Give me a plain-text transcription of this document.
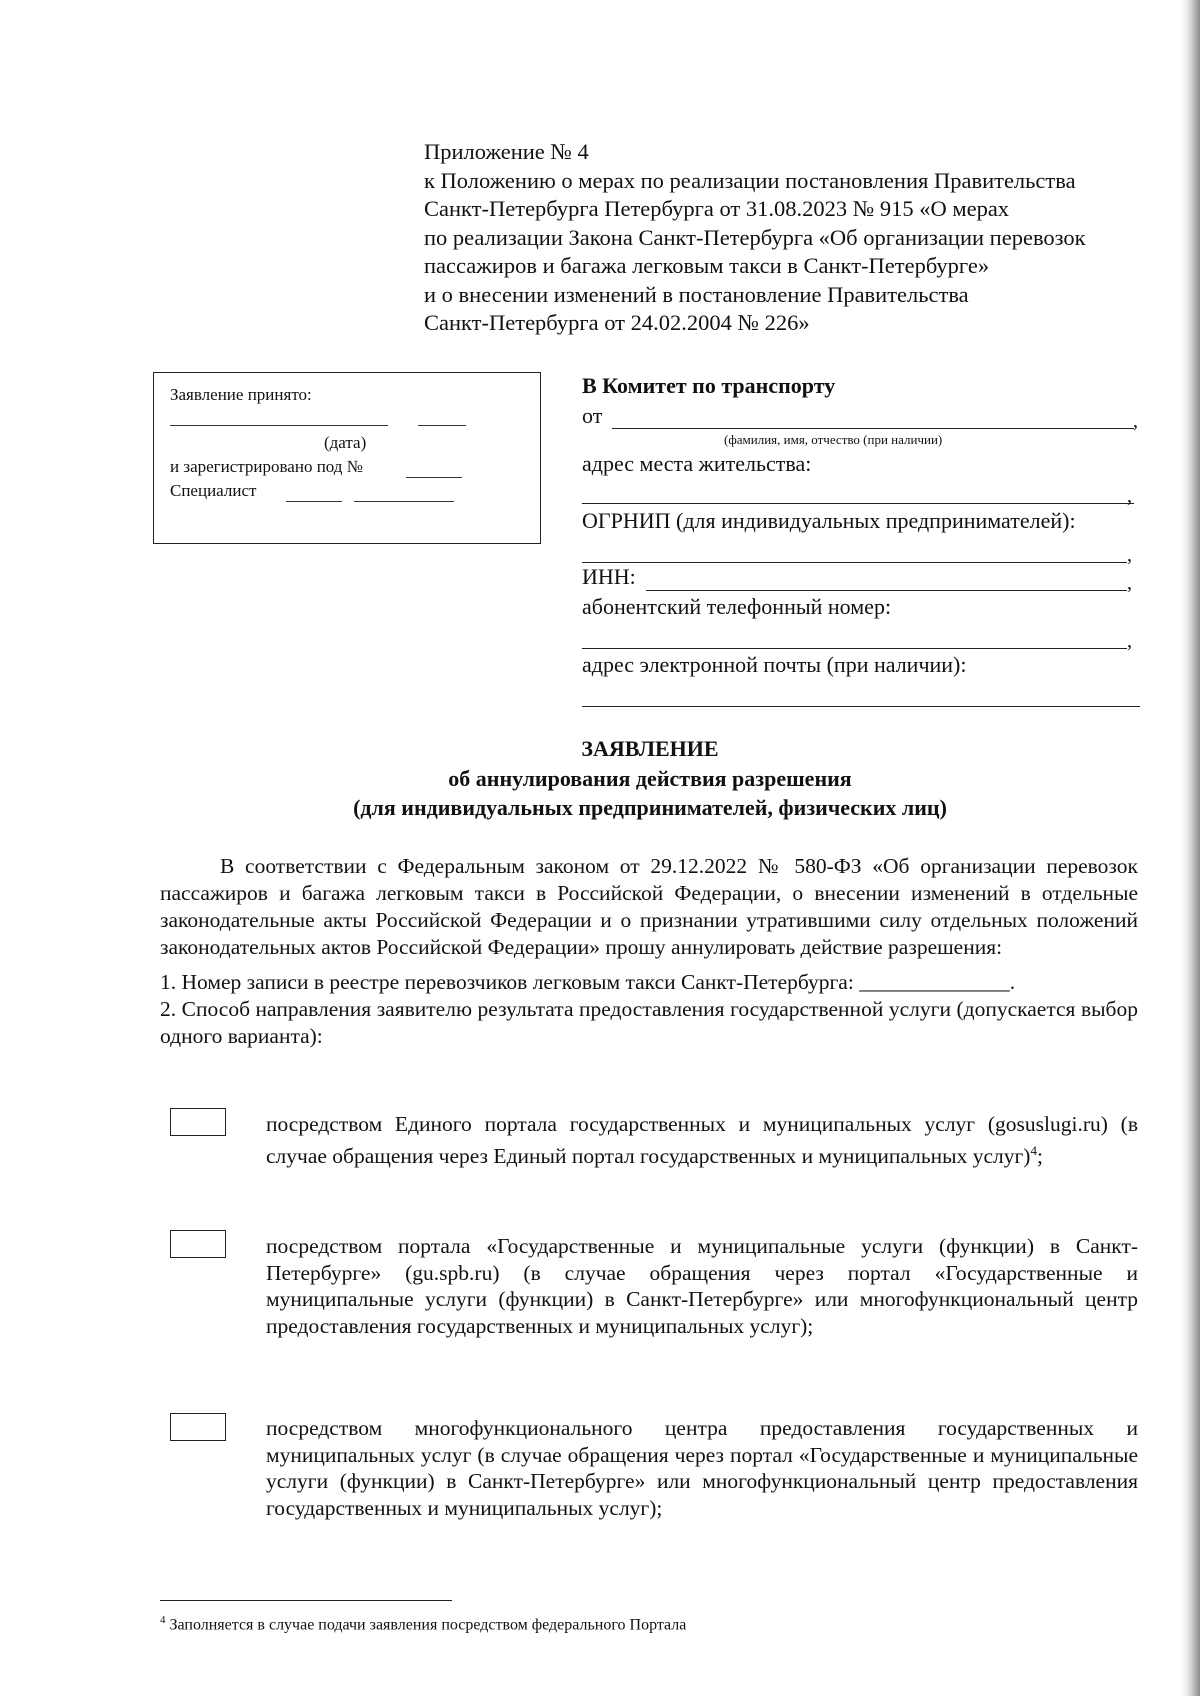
Приложение № 4
к Положению о мерах по реализации постановления Правительства
Санкт-Петербурга Петербурга от 31.08.2023 № 915 «О мерах
по реализации Закона Санкт-Петербурга «Об организации перевозок
пассажиров и багажа легковым такси в Санкт-Петербурге»
и о внесении изменений в постановление Правительства
Санкт-Петербурга от 24.02.2004 № 226»
Заявление принято:
(дата)
и зарегистрировано под №
Специалист
В Комитет по транспорту
от	,
(фамилия, имя, отчество (при наличии)
адрес места жительства:
,
ОГРНИП (для индивидуальных предпринимателей):
,
ИНН:	,
абонентский телефонный номер:
,
адрес электронной почты (при наличии):
ЗАЯВЛЕНИЕ
об аннулирования действия разрешения
(для индивидуальных предпринимателей, физических лиц)

В соответствии с Федеральным законом от 29.12.2022 № 580-ФЗ «Об организации перевозок пассажиров и багажа легковым такси в Российской Федерации, о внесении изменений в отдельные законодательные акты Российской Федерации и о признании утратившими силу отдельных положений законодательных актов Российской Федерации» прошу аннулировать действие разрешения:

1. Номер записи в реестре перевозчиков легковым такси Санкт-Петербурга: ______________.

2. Способ направления заявителю результата предоставления государственной услуги (допускается выбор одного варианта):

посредством Единого портала государственных и муниципальных услуг (gosuslugi.ru) (в случае обращения через Единый портал государственных и муниципальных услуг)$^4$;
посредством портала «Государственные и муниципальные услуги (функции) в Санкт-Петербурге» (gu.spb.ru) (в случае обращения через портал «Государственные и муниципальные услуги (функции) в Санкт-Петербурге» или многофункциональный центр предоставления государственных и муниципальных услуг);
посредством многофункционального центра предоставления государственных и муниципальных услуг (в случае обращения через портал «Государственные и муниципальные услуги (функции) в Санкт-Петербурге» или многофункциональный центр предоставления государственных и муниципальных услуг);
$^4$ Заполняется в случае подачи заявления посредством федерального Портала
